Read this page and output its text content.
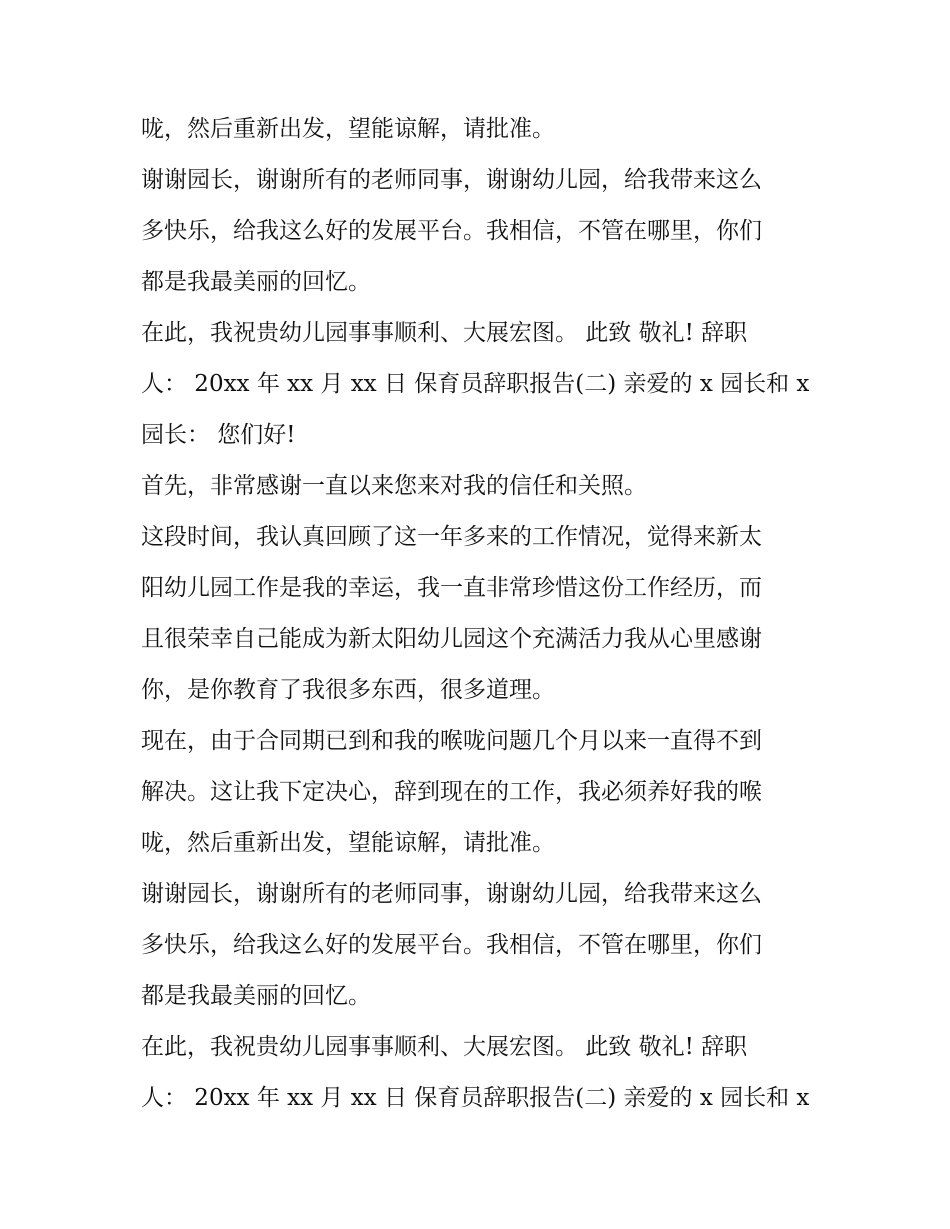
咙，然后重新出发，望能谅解，请批准。
谢谢园长，谢谢所有的老师同事，谢谢幼儿园，给我带来这么
多快乐，给我这么好的发展平台。我相信，不管在哪里，你们
都是我最美丽的回忆。
在此，我祝贵幼儿园事事顺利、大展宏图。 此致 敬礼! 辞职
人： 20xx 年 xx 月 xx 日 保育员辞职报告(二) 亲爱的 x 园长和 x
园长： 您们好!
首先，非常感谢一直以来您来对我的信任和关照。
这段时间，我认真回顾了这一年多来的工作情况，觉得来新太
阳幼儿园工作是我的幸运，我一直非常珍惜这份工作经历，而
且很荣幸自己能成为新太阳幼儿园这个充满活力我从心里感谢
你，是你教育了我很多东西，很多道理。
现在，由于合同期已到和我的喉咙问题几个月以来一直得不到
解决。这让我下定决心，辞到现在的工作，我必须养好我的喉
咙，然后重新出发，望能谅解，请批准。
谢谢园长，谢谢所有的老师同事，谢谢幼儿园，给我带来这么
多快乐，给我这么好的发展平台。我相信，不管在哪里，你们
都是我最美丽的回忆。
在此，我祝贵幼儿园事事顺利、大展宏图。 此致 敬礼! 辞职
人： 20xx 年 xx 月 xx 日 保育员辞职报告(二) 亲爱的 x 园长和 x
